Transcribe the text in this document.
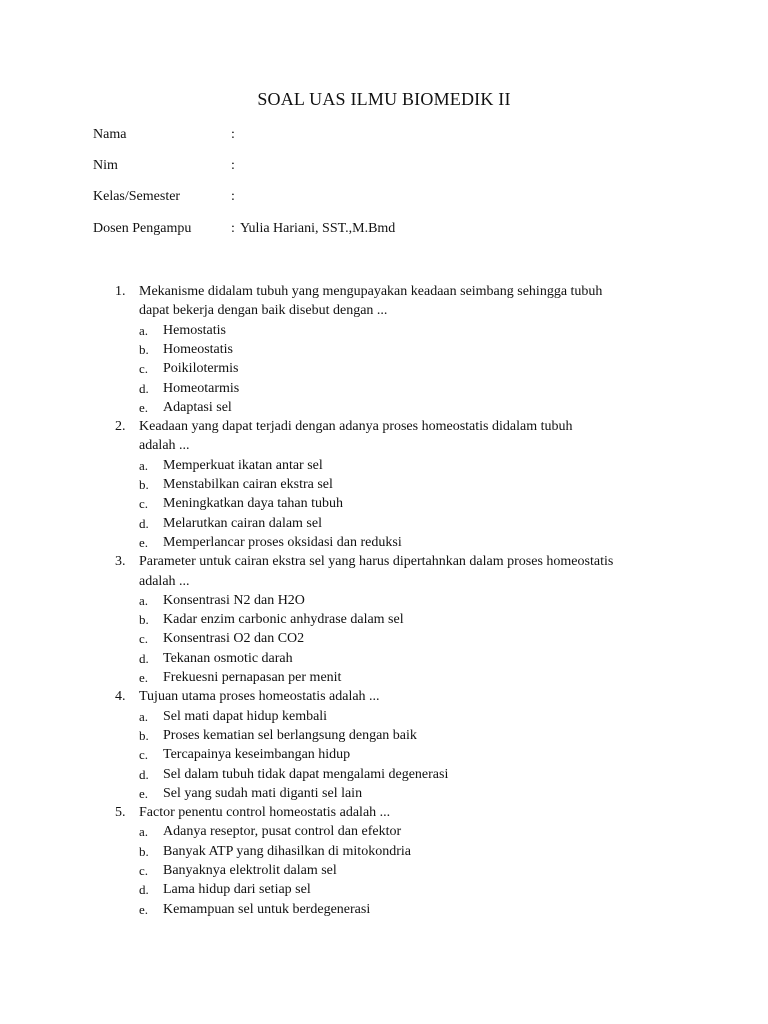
SOAL UAS ILMU BIOMEDIK II
Nama	:
Nim	:
Kelas/Semester	:
Dosen Pengampu	: Yulia Hariani, SST.,M.Bmd
1. Mekanisme didalam tubuh yang mengupayakan keadaan seimbang sehingga tubuh
dapat bekerja dengan baik disebut dengan ...
a. Hemostatis
b. Homeostatis
c. Poikilotermis
d. Homeotarmis
e. Adaptasi sel
2. Keadaan yang dapat terjadi dengan adanya proses homeostatis didalam tubuh
adalah ...
a. Memperkuat ikatan antar sel
b. Menstabilkan cairan ekstra sel
c. Meningkatkan daya tahan tubuh
d. Melarutkan cairan dalam sel
e. Memperlancar proses oksidasi dan reduksi
3. Parameter untuk cairan ekstra sel yang harus dipertahnkan dalam proses homeostatis
adalah ...
a. Konsentrasi N2 dan H2O
b. Kadar enzim carbonic anhydrase dalam sel
c. Konsentrasi O2 dan CO2
d. Tekanan osmotic darah
e. Frekuesni pernapasan per menit
4. Tujuan utama proses homeostatis adalah ...
a. Sel mati dapat hidup kembali
b. Proses kematian sel berlangsung dengan baik
c. Tercapainya keseimbangan hidup
d. Sel dalam tubuh tidak dapat mengalami degenerasi
e. Sel yang sudah mati diganti sel lain
5. Factor penentu control homeostatis adalah ...
a. Adanya reseptor, pusat control dan efektor
b. Banyak ATP yang dihasilkan di mitokondria
c. Banyaknya elektrolit dalam sel
d. Lama hidup dari setiap sel
e. Kemampuan sel untuk berdegenerasi
